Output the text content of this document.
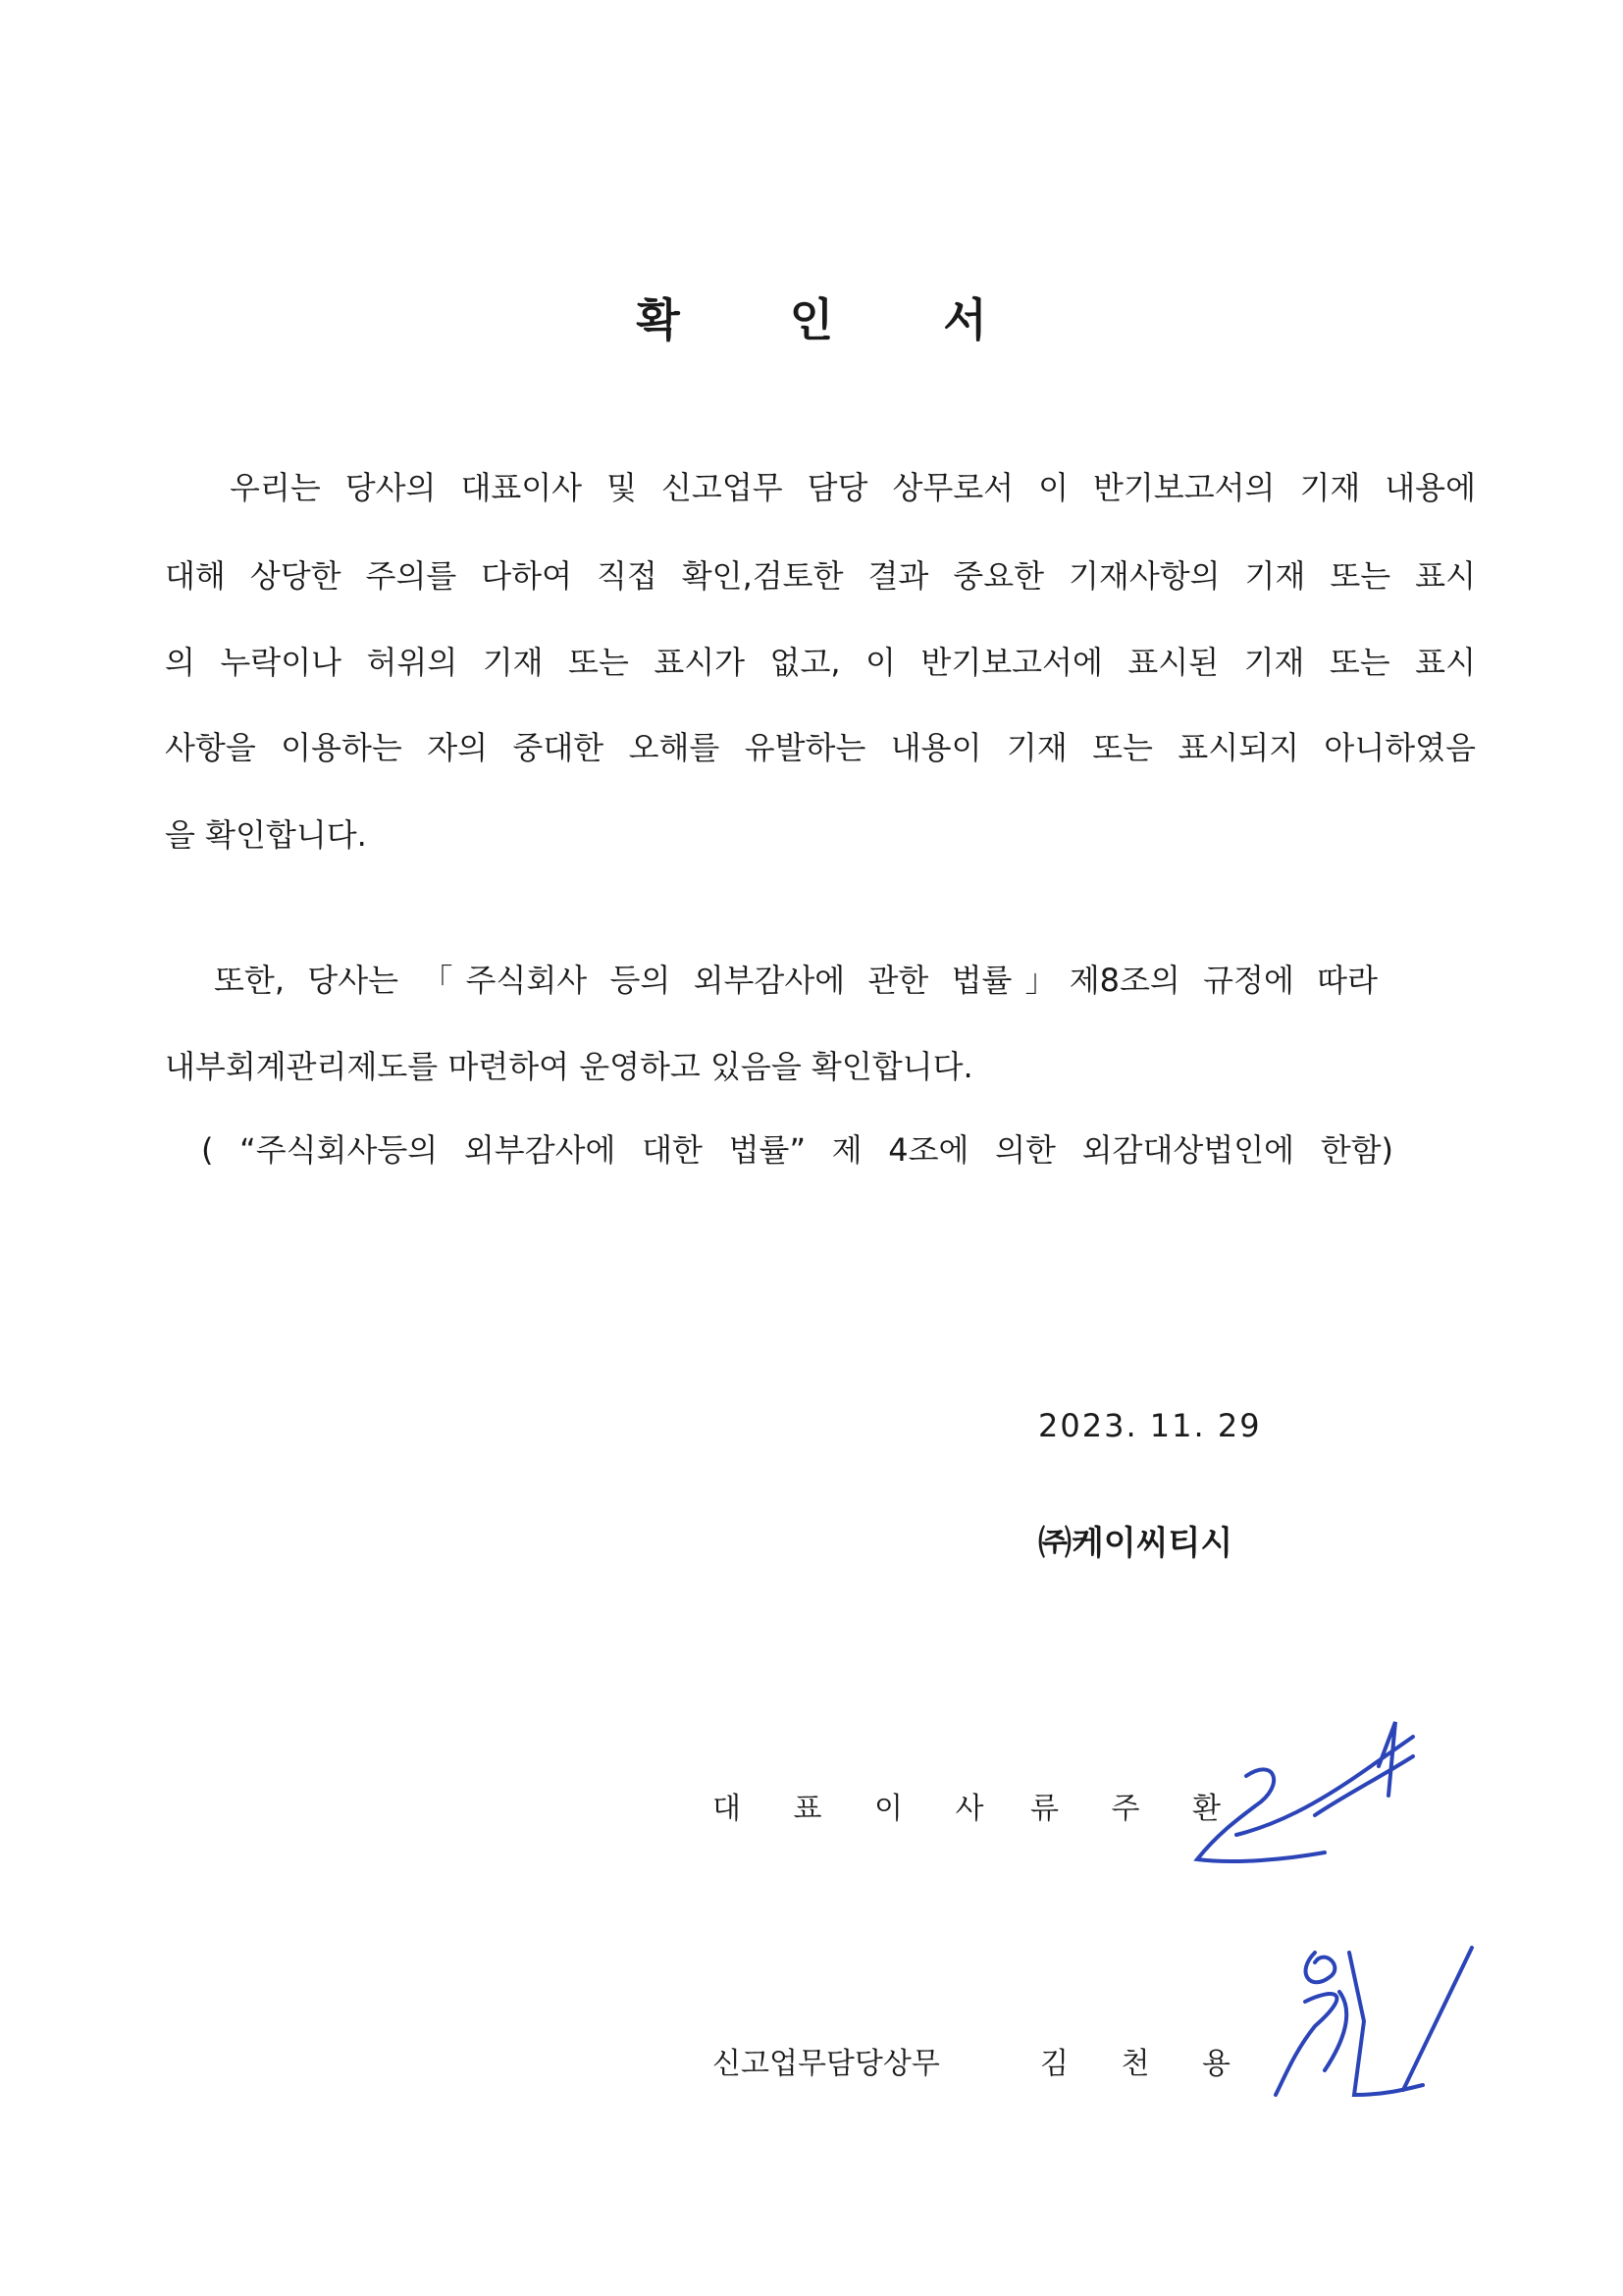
확 인 서
우리는 당사의 대표이사 및 신고업무 담당 상무로서 이 반기보고서의 기재 내용에
대해 상당한 주의를 다하여 직접 확인,검토한 결과 중요한 기재사항의 기재 또는 표시
의 누락이나 허위의 기재 또는 표시가 없고, 이 반기보고서에 표시된 기재 또는 표시
사항을 이용하는 자의 중대한 오해를 유발하는 내용이 기재 또는 표시되지 아니하였음
을 확인합니다.
또한, 당사는 「주식회사 등의 외부감사에 관한 법률」제8조의 규정에 따라
내부회계관리제도를 마련하여 운영하고 있음을 확인합니다.
( “주식회사등의 외부감사에 대한 법률” 제 4조에 의한 외감대상법인에 한함)
2023. 11. 29
㈜케이씨티시
대 표 이 사 류 주 환
신고업무담당상무	김 천 용
